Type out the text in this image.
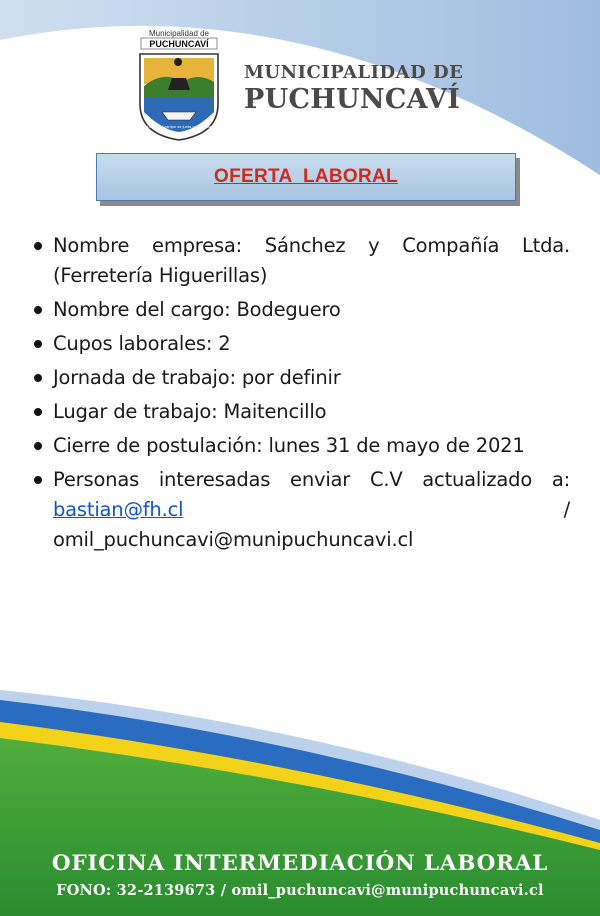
Municipalidad de
PUCHUNCAVÍ
Donde el campo se junta con el mar
MUNICIPALIDAD DE
PUCHUNCAVÍ
OFERTA  LABORAL
Nombre empresa: Sánchez y Compañía Ltda.
(Ferretería Higuerillas)
Nombre del cargo: Bodeguero
Cupos laborales: 2
Jornada de trabajo: por definir
Lugar de trabajo: Maitencillo
Cierre de postulación: lunes 31 de mayo de 2021
Personas interesadas enviar C.V actualizado a:
bastian@fh.cl	/
omil_puchuncavi@munipuchuncavi.cl
OFICINA INTERMEDIACIÓN LABORAL
FONO: 32-2139673 / omil_puchuncavi@munipuchuncavi.cl
